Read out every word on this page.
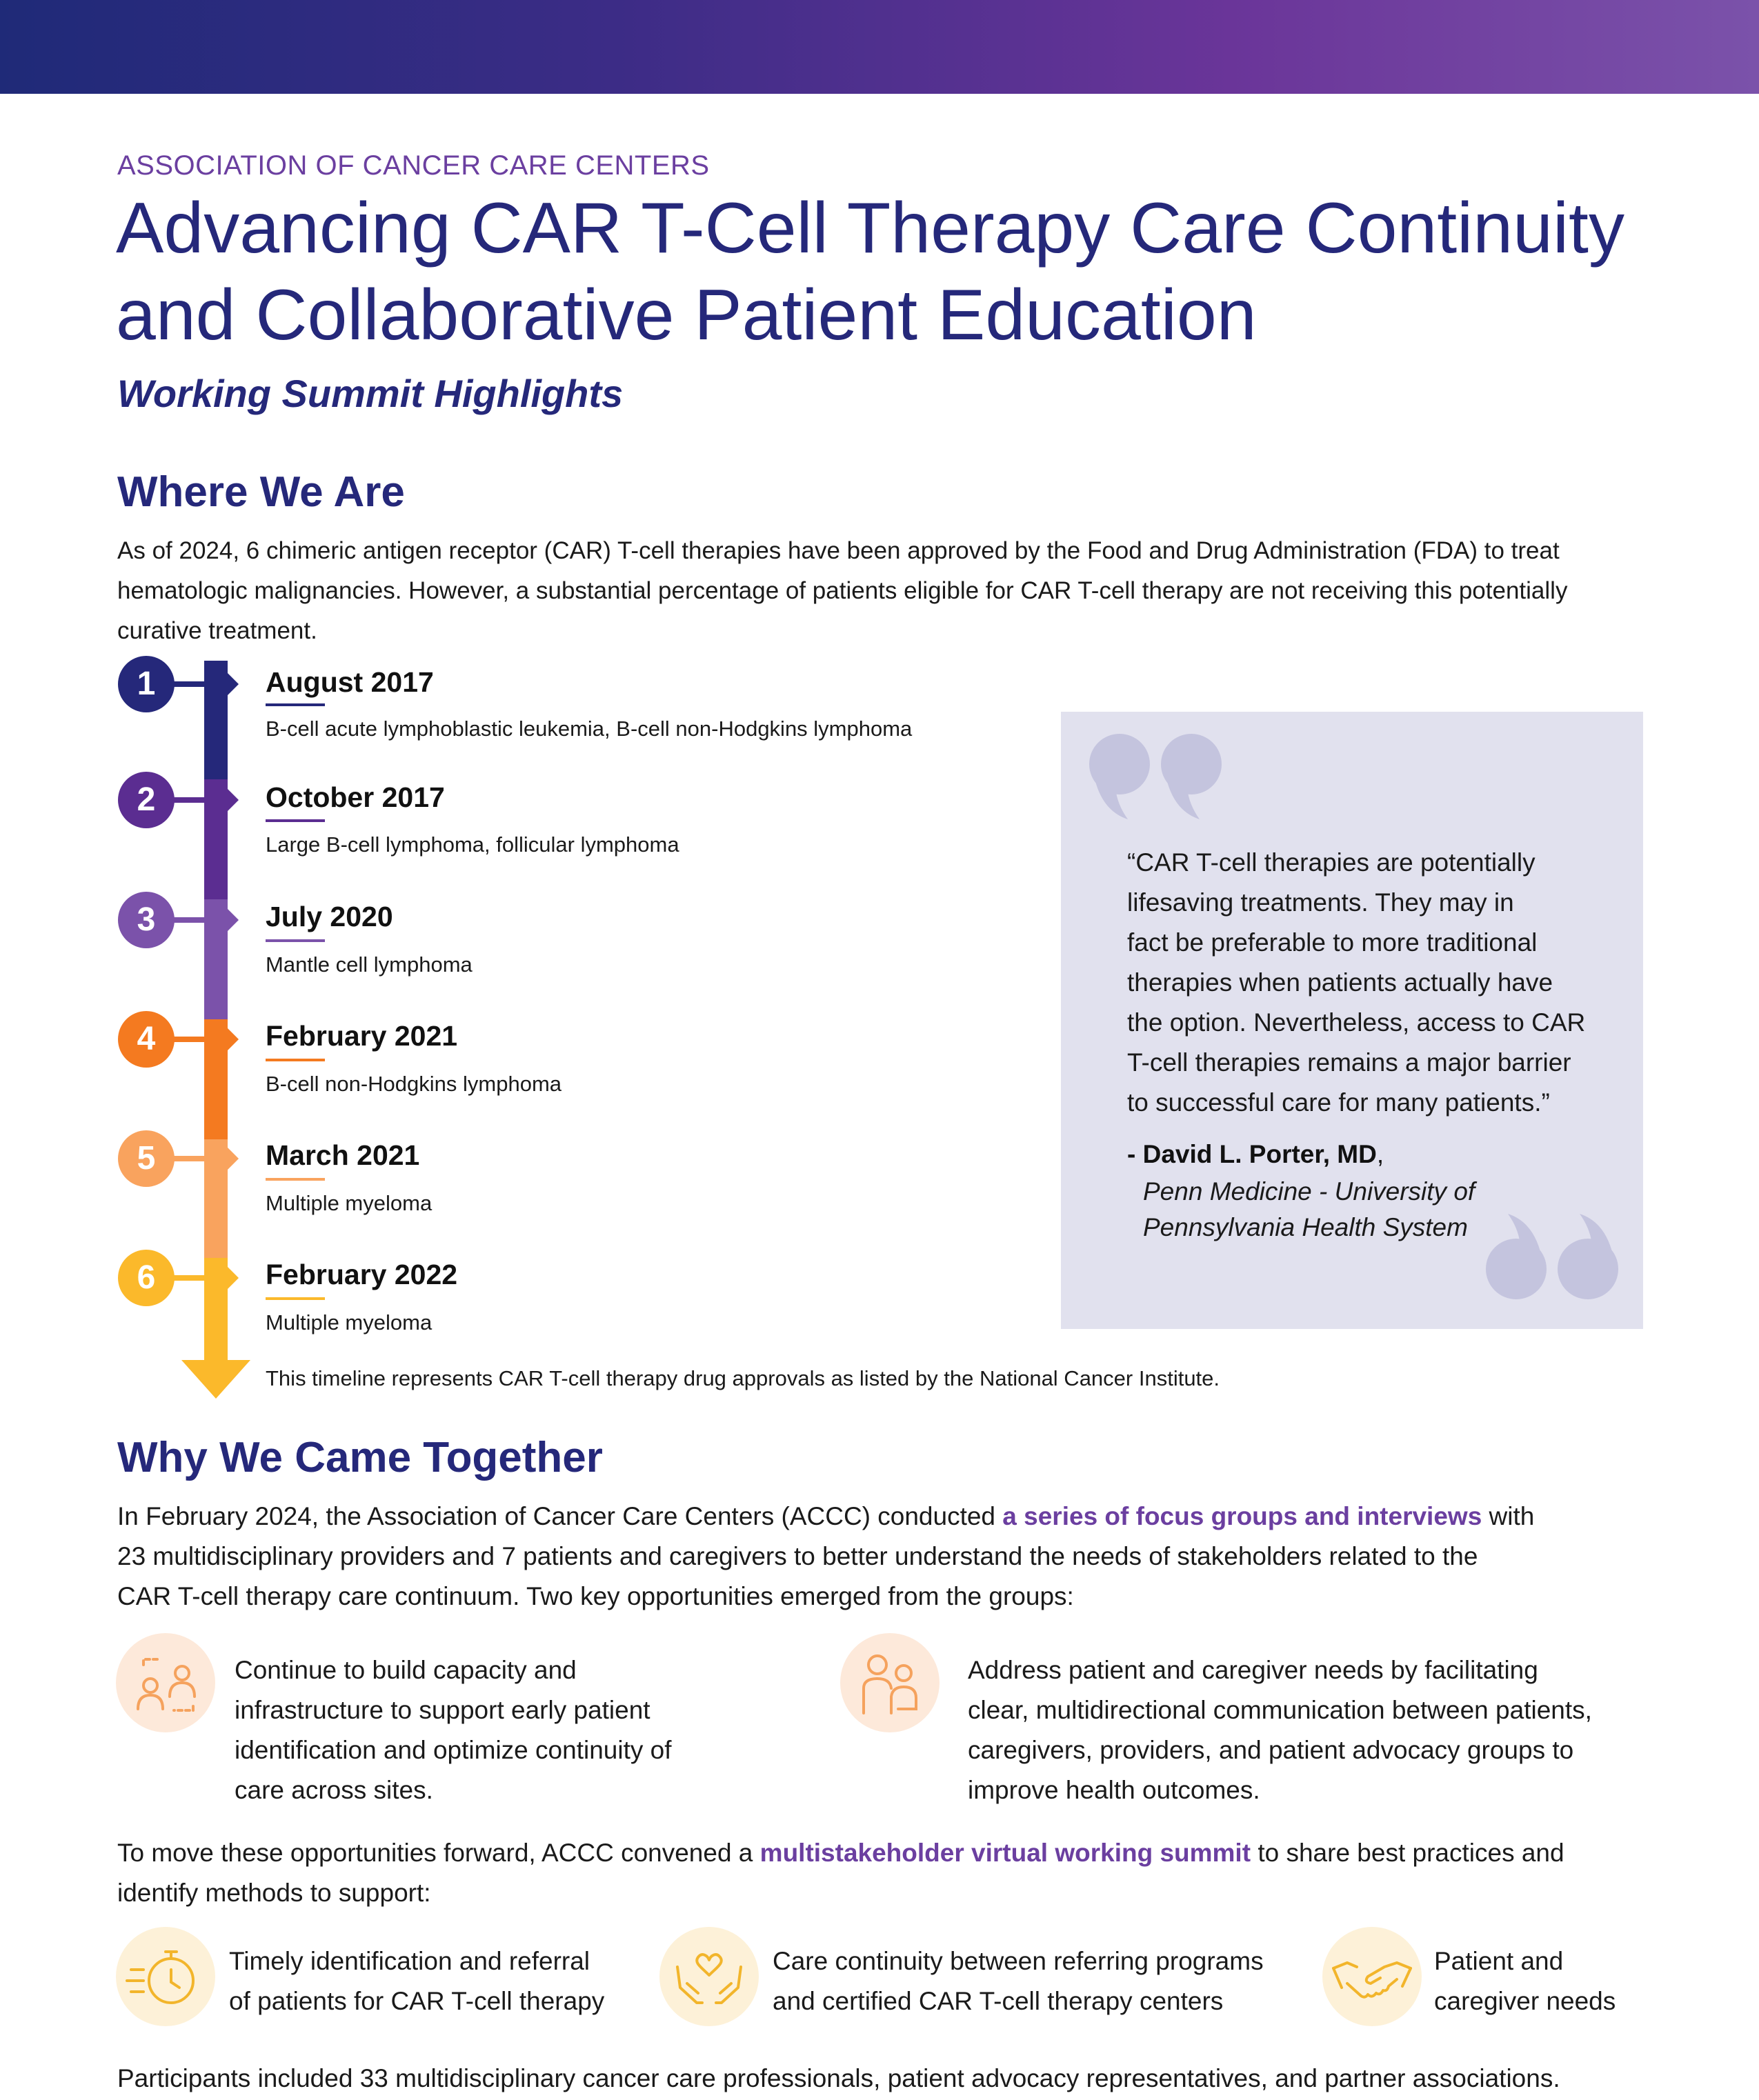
ASSOCIATION OF CANCER CARE CENTERS
Advancing CAR T-Cell Therapy Care Continuity
and Collaborative Patient Education
Working Summit Highlights
Where We Are
As of 2024, 6 chimeric antigen receptor (CAR) T-cell therapies have been approved by the Food and Drug Administration (FDA) to treat
hematologic malignancies. However, a substantial percentage of patients eligible for CAR T-cell therapy are not receiving this potentially
curative treatment.
1	August 2017
B-cell acute lymphoblastic leukemia, B-cell non-Hodgkins lymphoma
2	October 2017
Large B-cell lymphoma, follicular lymphoma
3	July 2020
Mantle cell lymphoma
4	February 2021
B-cell non-Hodgkins lymphoma
5	March 2021
Multiple myeloma
6	February 2022
Multiple myeloma
This timeline represents CAR T-cell therapy drug approvals as listed by the National Cancer Institute.
“CAR T-cell therapies are potentially
lifesaving treatments. They may in
fact be preferable to more traditional
therapies when patients actually have
the option. Nevertheless, access to CAR
T-cell therapies remains a major barrier
to successful care for many patients.”
- David L. Porter, MD,
Penn Medicine - University of
Pennsylvania Health System
Why We Came Together
In February 2024, the Association of Cancer Care Centers (ACCC) conducted a series of focus groups and interviews with
23 multidisciplinary providers and 7 patients and caregivers to better understand the needs of stakeholders related to the
CAR T-cell therapy care continuum. Two key opportunities emerged from the groups:
Continue to build capacity and
infrastructure to support early patient
identification and optimize continuity of
care across sites.
Address patient and caregiver needs by facilitating
clear, multidirectional communication between patients,
caregivers, providers, and patient advocacy groups to
improve health outcomes.
To move these opportunities forward, ACCC convened a multistakeholder virtual working summit to share best practices and
identify methods to support:
Timely identification and referral
of patients for CAR T-cell therapy
Care continuity between referring programs
and certified CAR T-cell therapy centers
Patient and
caregiver needs
Participants included 33 multidisciplinary cancer care professionals, patient advocacy representatives, and partner associations.
